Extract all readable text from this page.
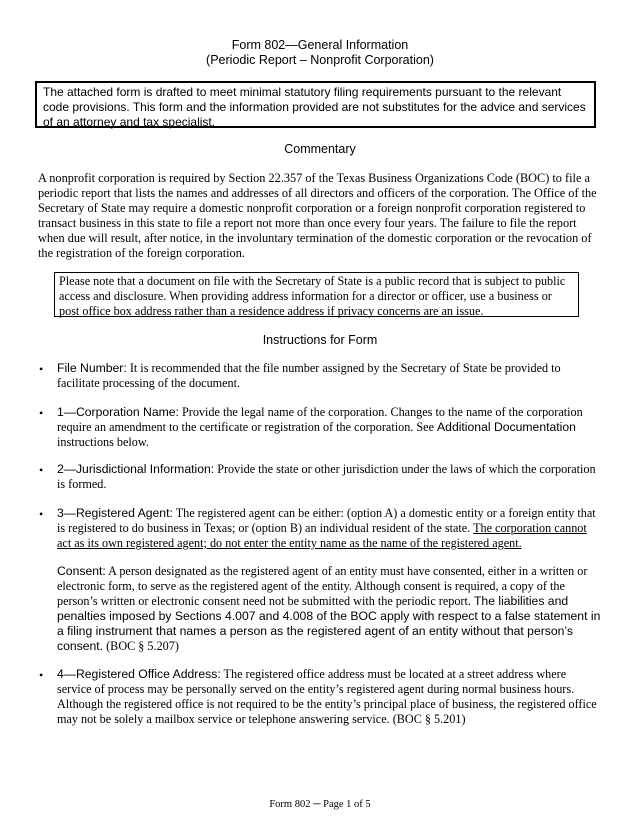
Form 802—General Information
(Periodic Report – Nonprofit Corporation)
The attached form is drafted to meet minimal statutory filing requirements pursuant to the relevant code provisions. This form and the information provided are not substitutes for the advice and services of an attorney and tax specialist.
Commentary
A nonprofit corporation is required by Section 22.357 of the Texas Business Organizations Code (BOC) to file a periodic report that lists the names and addresses of all directors and officers of the corporation. The Office of the Secretary of State may require a domestic nonprofit corporation or a foreign nonprofit corporation registered to transact business in this state to file a report not more than once every four years. The failure to file the report when due will result, after notice, in the involuntary termination of the domestic corporation or the revocation of the registration of the foreign corporation.
Please note that a document on file with the Secretary of State is a public record that is subject to public access and disclosure. When providing address information for a director or officer, use a business or post office box address rather than a residence address if privacy concerns are an issue.
Instructions for Form
• File Number: It is recommended that the file number assigned by the Secretary of State be provided to facilitate processing of the document.
• 1—Corporation Name: Provide the legal name of the corporation. Changes to the name of the corporation require an amendment to the certificate or registration of the corporation. See Additional Documentation instructions below.
• 2—Jurisdictional Information: Provide the state or other jurisdiction under the laws of which the corporation is formed.
• 3—Registered Agent: The registered agent can be either: (option A) a domestic entity or a foreign entity that is registered to do business in Texas; or (option B) an individual resident of the state. The corporation cannot act as its own registered agent; do not enter the entity name as the name of the registered agent.
Consent: A person designated as the registered agent of an entity must have consented, either in a written or electronic form, to serve as the registered agent of the entity. Although consent is required, a copy of the person’s written or electronic consent need not be submitted with the periodic report. The liabilities and penalties imposed by Sections 4.007 and 4.008 of the BOC apply with respect to a false statement in a filing instrument that names a person as the registered agent of an entity without that person’s consent. (BOC § 5.207)
• 4—Registered Office Address: The registered office address must be located at a street address where service of process may be personally served on the entity’s registered agent during normal business hours. Although the registered office is not required to be the entity’s principal place of business, the registered office may not be solely a mailbox service or telephone answering service. (BOC § 5.201)
Form 802 ─ Page 1 of 5
